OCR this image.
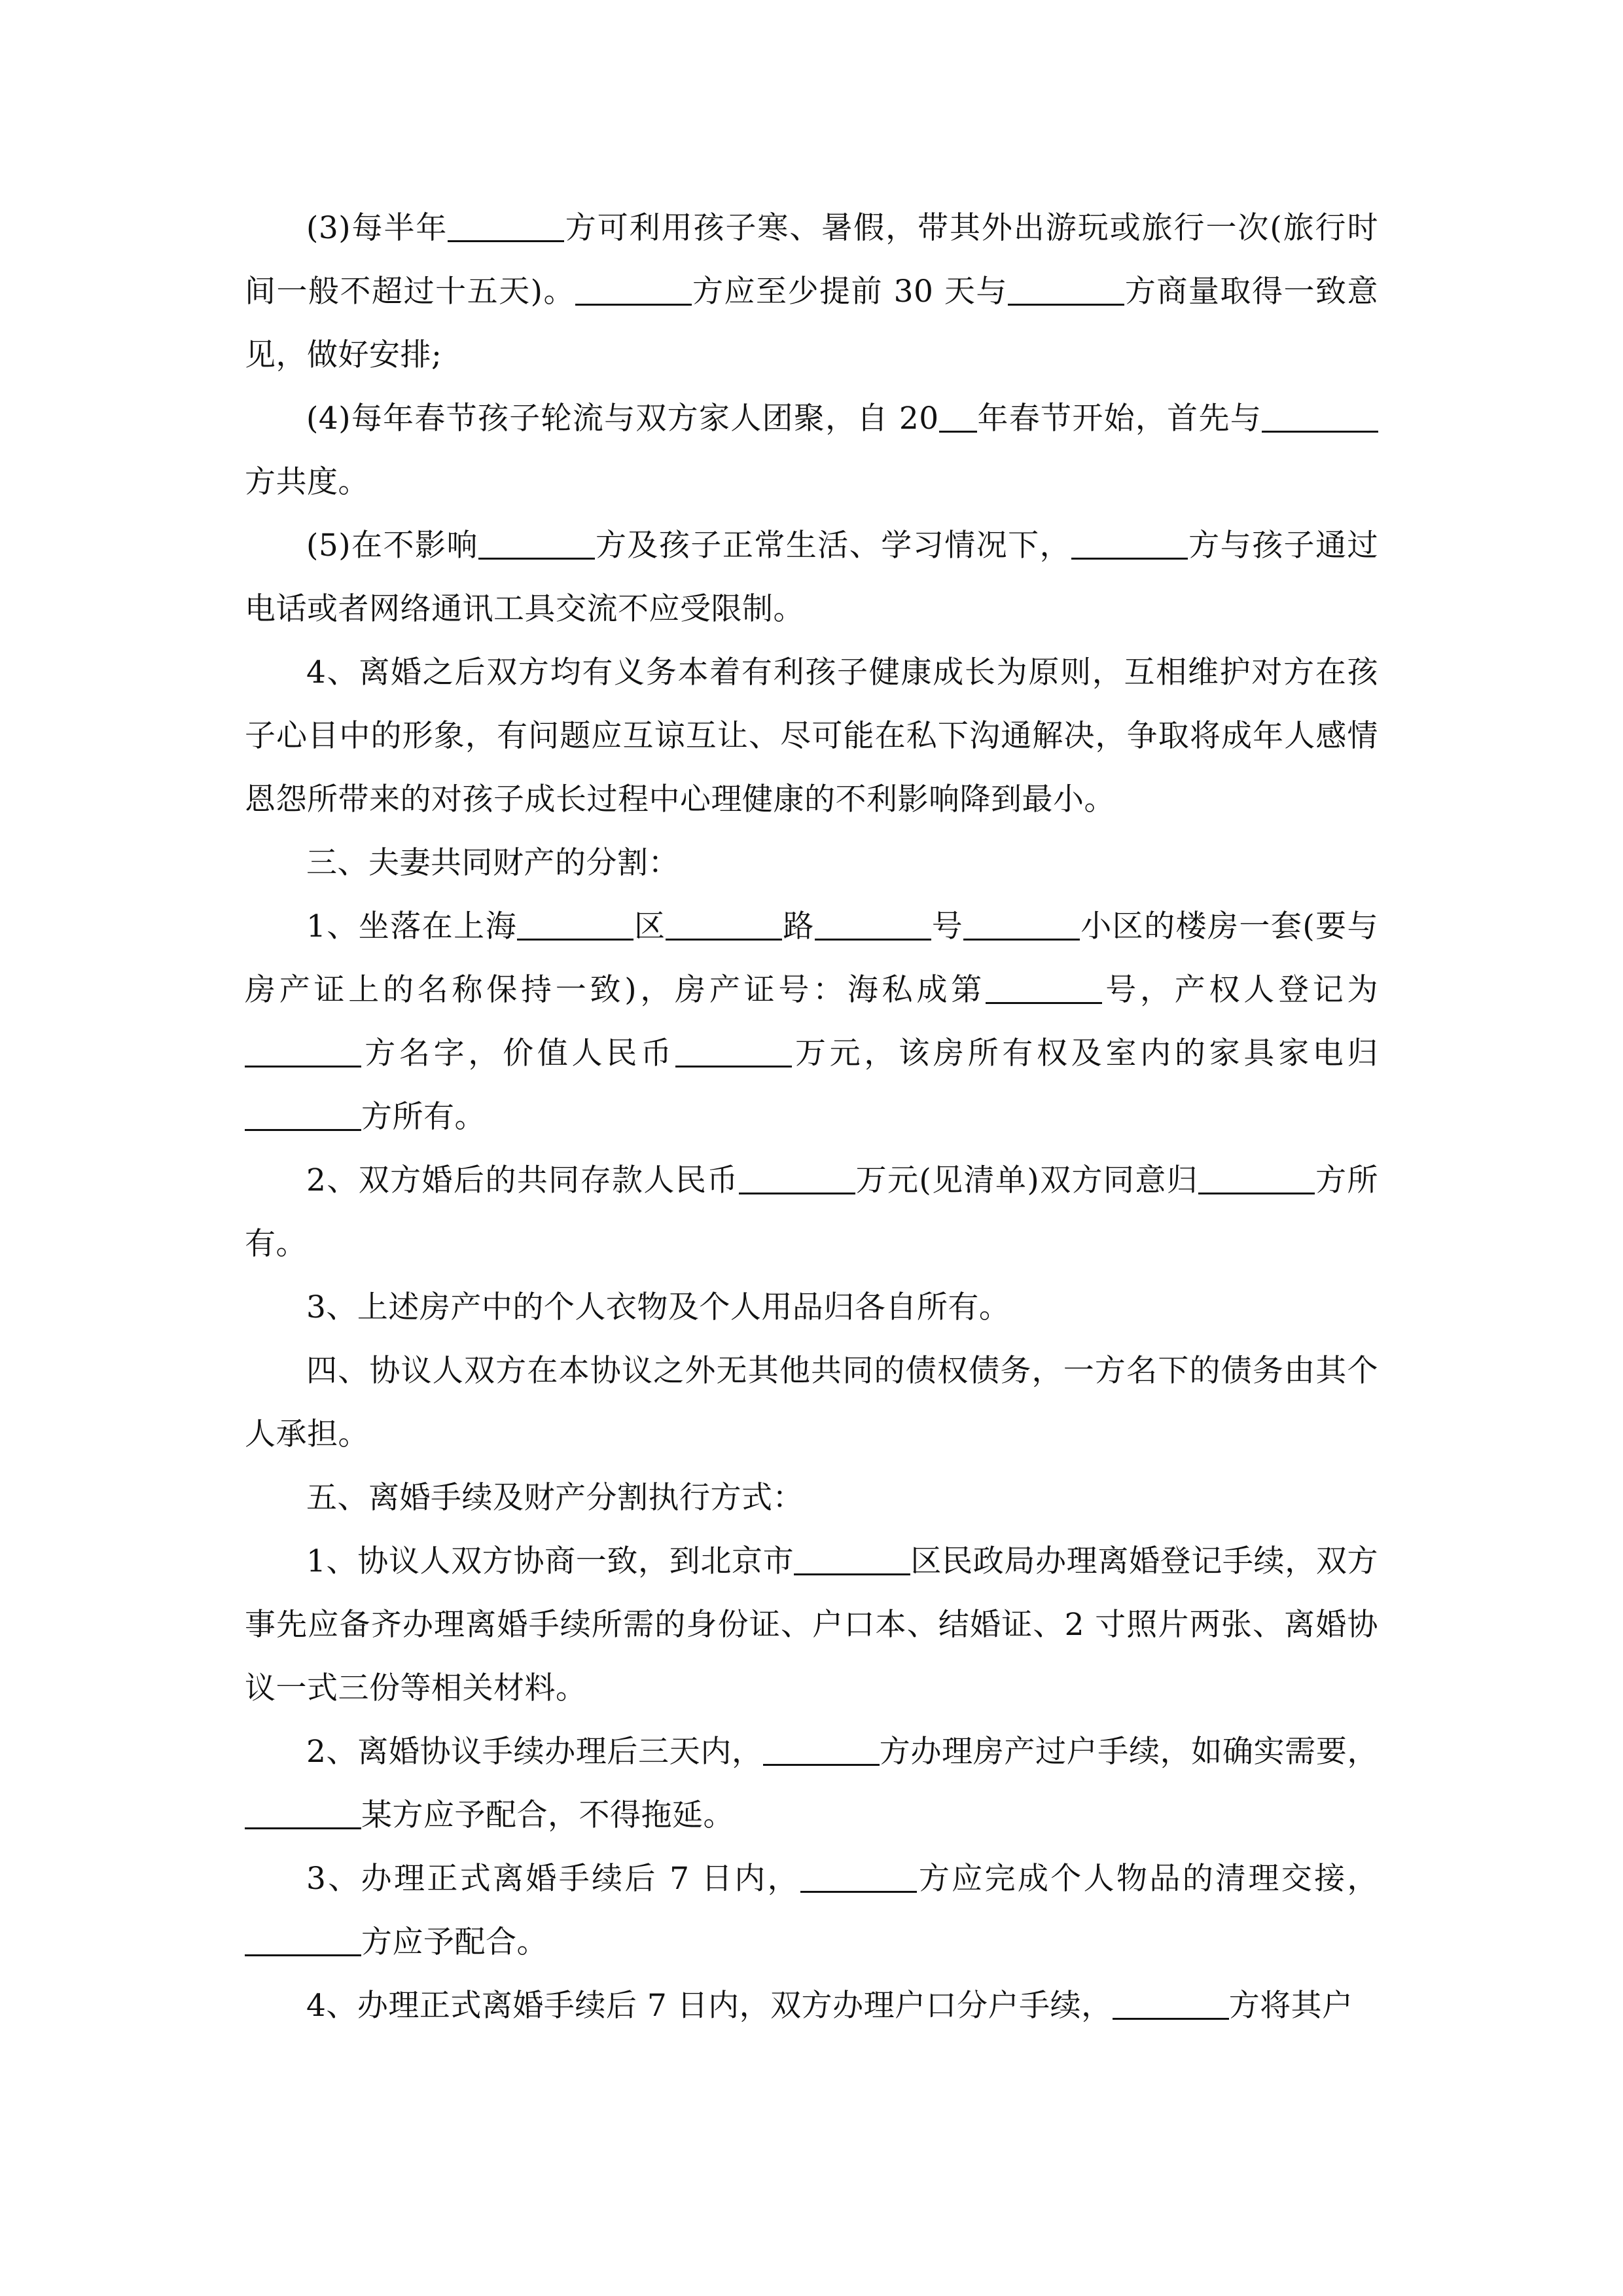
(3)每半年	方可利用孩子寒、暑假，带其外出游玩或旅行一次(旅行时间一般不超过十五天)。	方应至少提前 30 天与	方商量取得一致意见，做好安排;

(4)每年春节孩子轮流与双方家人团聚，自 20 年春节开始，首先与方共度。

(5)在不影响	方及孩子正常生活、学习情况下，	方与孩子通过电话或者网络通讯工具交流不应受限制。

4、离婚之后双方均有义务本着有利孩子健康成长为原则，互相维护对方在孩子心目中的形象，有问题应互谅互让、尽可能在私下沟通解决，争取将成年人感情恩怨所带来的对孩子成长过程中心理健康的不利影响降到最小。

三、夫妻共同财产的分割：

1、坐落在上海	区	路	号	小区的楼房一套(要与房产证上的名称保持一致)，房产证号：海私成第	号，产权人登记为方名字，价值人民币	万元，该房所有权及室内的家具家电归方所有。

2、双方婚后的共同存款人民币	万元(见清单)双方同意归	方所有。

3、上述房产中的个人衣物及个人用品归各自所有。

四、协议人双方在本协议之外无其他共同的债权债务，一方名下的债务由其个人承担。

五、离婚手续及财产分割执行方式：

1、协议人双方协商一致，到北京市	区民政局办理离婚登记手续，双方事先应备齐办理离婚手续所需的身份证、户口本、结婚证、2 寸照片两张、离婚协议一式三份等相关材料。

2、离婚协议手续办理后三天内，	方办理房产过户手续，如确实需要，某方应予配合，不得拖延。

3、办理正式离婚手续后 7 日内，	方应完成个人物品的清理交接，方应予配合。

4、办理正式离婚手续后 7 日内，双方办理户口分户手续，	方将其户
